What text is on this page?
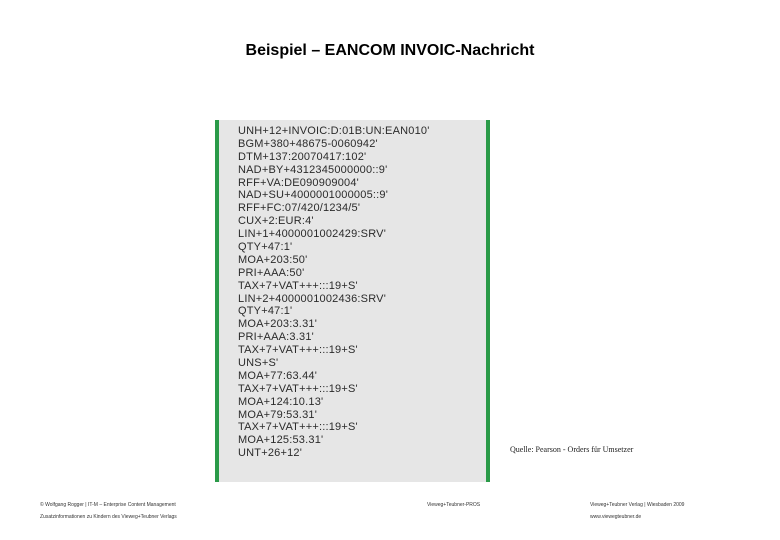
Beispiel – EANCOM INVOIC-Nachricht
UNH+12+INVOIC:D:01B:UN:EAN010'
BGM+380+48675-0060942'
DTM+137:20070417:102'
NAD+BY+4312345000000::9'
RFF+VA:DE090909004'
NAD+SU+4000001000005::9'
RFF+FC:07/420/1234/5'
CUX+2:EUR:4'
LIN+1+4000001002429:SRV'
QTY+47:1'
MOA+203:50'
PRI+AAA:50'
TAX+7+VAT+++:::19+S'
LIN+2+4000001002436:SRV'
QTY+47:1'
MOA+203:3.31'
PRI+AAA:3.31'
TAX+7+VAT+++:::19+S'
UNS+S'
MOA+77:63.44'
TAX+7+VAT+++:::19+S'
MOA+124:10.13'
MOA+79:53.31'
TAX+7+VAT+++:::19+S'
MOA+125:53.31'
UNT+26+12'	Quelle: Pearson - Orders für Umsetzer
© Wolfgang Rogger | IT-M – Enterprise Content Management
Zusatzinformationen zu Kindern des Vieweg+Teubner Verlags
Vieweg+Teubner-PROS	Vieweg+Teubner Verlag | Wiesbaden 2009
www.viewegteubner.de
